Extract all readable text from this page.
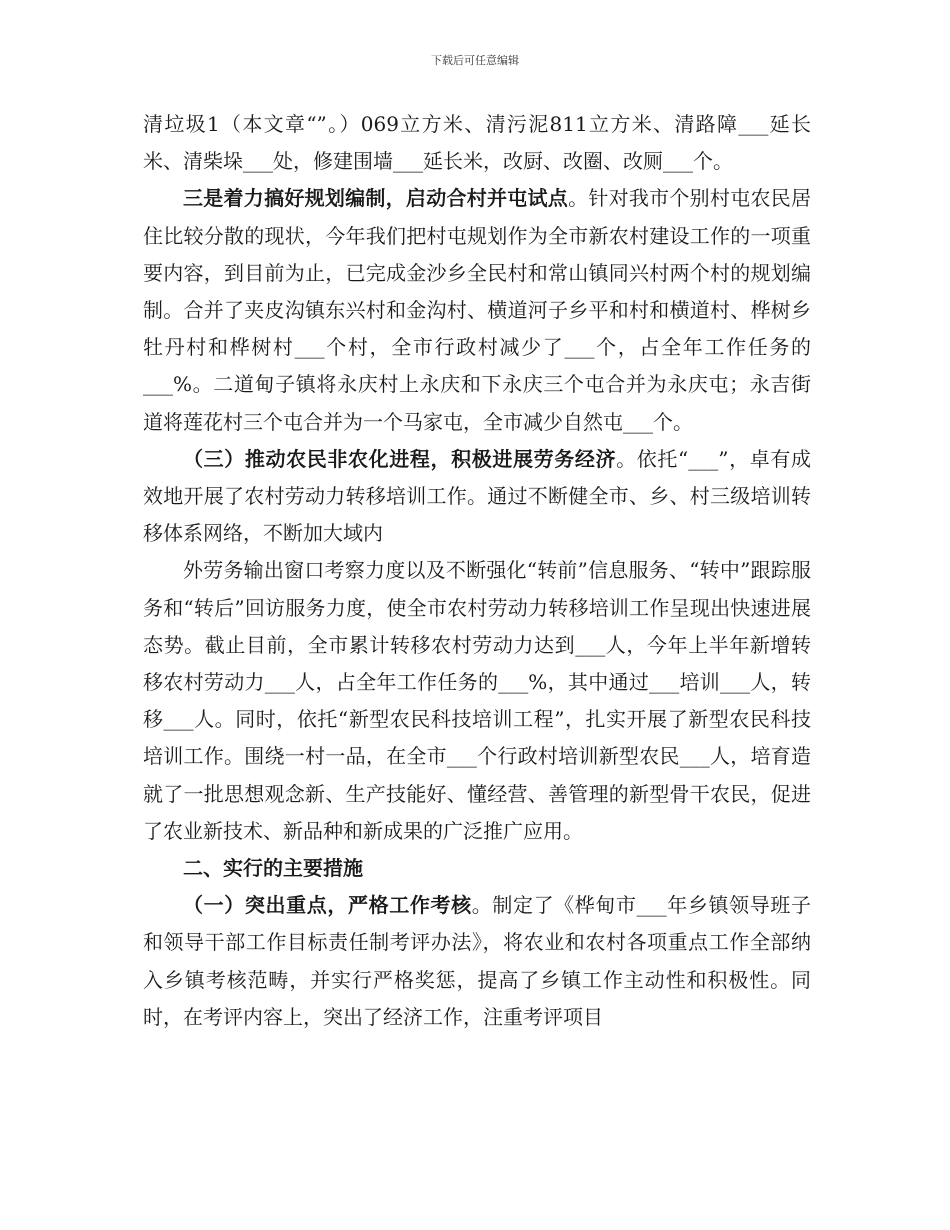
下载后可任意编辑

清垃圾1（本文章“”。）069立方米、清污泥811立方米、清路障___延长米、清柴垛___处，修建围墙___延长米，改厨、改圈、改厕___个。

三是着力搞好规划编制，启动合村并屯试点。针对我市个别村屯农民居住比较分散的现状，今年我们把村屯规划作为全市新农村建设工作的一项重要内容，到目前为止，已完成金沙乡全民村和常山镇同兴村两个村的规划编制。合并了夹皮沟镇东兴村和金沟村、横道河子乡平和村和横道村、桦树乡牡丹村和桦树村___个村，全市行政村减少了___个，占全年工作任务的___%。二道甸子镇将永庆村上永庆和下永庆三个屯合并为永庆屯；永吉街道将莲花村三个屯合并为一个马家屯，全市减少自然屯___个。

（三）推动农民非农化进程，积极进展劳务经济。依托“___”，卓有成效地开展了农村劳动力转移培训工作。通过不断健全市、乡、村三级培训转移体系网络，不断加大域内

外劳务输出窗口考察力度以及不断强化“转前”信息服务、“转中”跟踪服务和“转后”回访服务力度，使全市农村劳动力转移培训工作呈现出快速进展态势。截止目前，全市累计转移农村劳动力达到___人，今年上半年新增转移农村劳动力___人，占全年工作任务的___%，其中通过___培训___人，转移___人。同时，依托“新型农民科技培训工程”，扎实开展了新型农民科技培训工作。围绕一村一品，在全市___个行政村培训新型农民___人，培育造就了一批思想观念新、生产技能好、懂经营、善管理的新型骨干农民，促进了农业新技术、新品种和新成果的广泛推广应用。

二、实行的主要措施

（一）突出重点，严格工作考核。制定了《桦甸市___年乡镇领导班子和领导干部工作目标责任制考评办法》，将农业和农村各项重点工作全部纳入乡镇考核范畴，并实行严格奖惩，提高了乡镇工作主动性和积极性。同时，在考评内容上，突出了经济工作，注重考评项目
